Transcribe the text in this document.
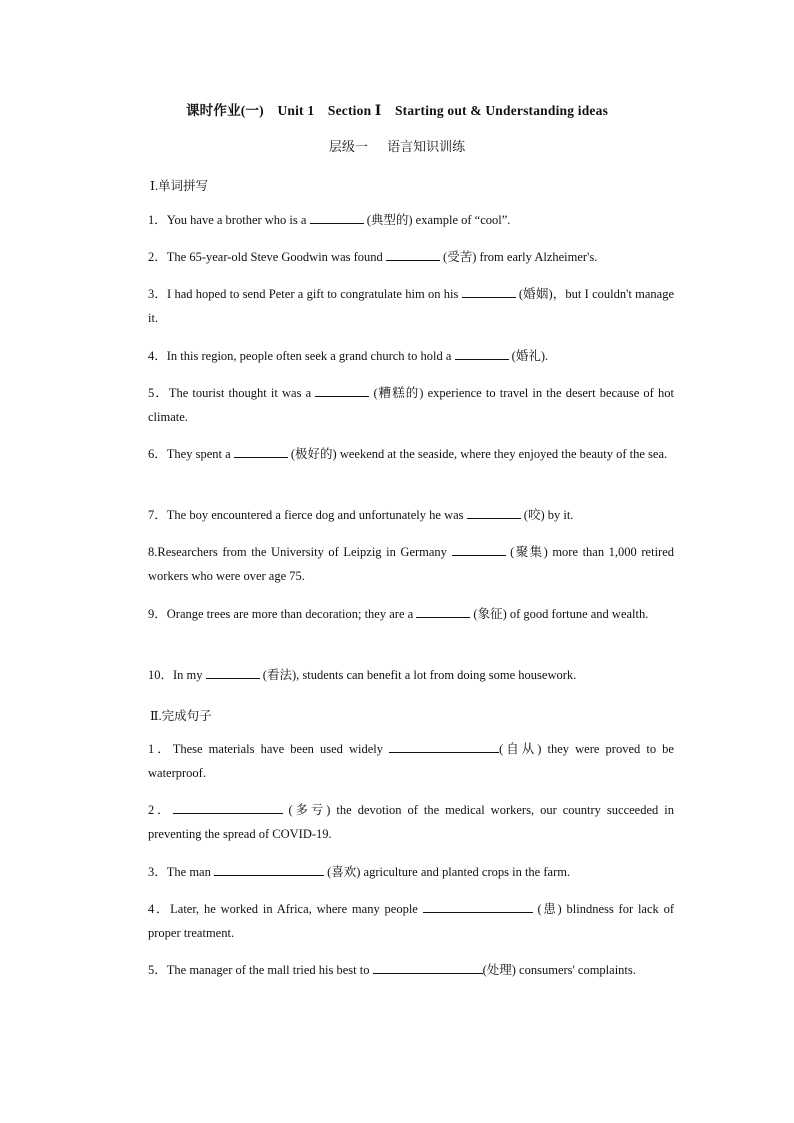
课时作业(一) Unit 1 Section Ⅰ Starting out & Understanding ideas
层级一 语言知识训练
Ⅰ.单词拼写
1．You have a brother who is a	(典型的) example of “cool”.
2．The 65-year-old Steve Goodwin was found	(受苦) from early Alzheimer's.
3．I had hoped to send Peter a gift to congratulate him on his	(婚姻)，but I couldn't manage it.
4．In this region, people often seek a grand church to hold a	(婚礼).
5．The tourist thought it was a	(糟糕的) experience to travel in the desert because of hot climate.
6．They spent a	(极好的) weekend at the seaside, where they enjoyed the beauty of the sea.
7．The boy encountered a fierce dog and unfortunately he was	(咬) by it.
8.Researchers from the University of Leipzig in Germany	(聚集) more than 1,000 retired workers who were over age 75.
9．Orange trees are more than decoration; they are a	(象征) of good fortune and wealth.
10．In my	(看法), students can benefit a lot from doing some housework.
Ⅱ.完成句子
1．These materials have been used widely	(自从) they were proved to be waterproof.
2．	(多亏) the devotion of the medical workers, our country succeeded in preventing the spread of COVID-19.
3．The man	(喜欢) agriculture and planted crops in the farm.
4．Later, he worked in Africa, where many people	(患) blindness for lack of proper treatment.
5．The manager of the mall tried his best to	(处理) consumers' complaints.
